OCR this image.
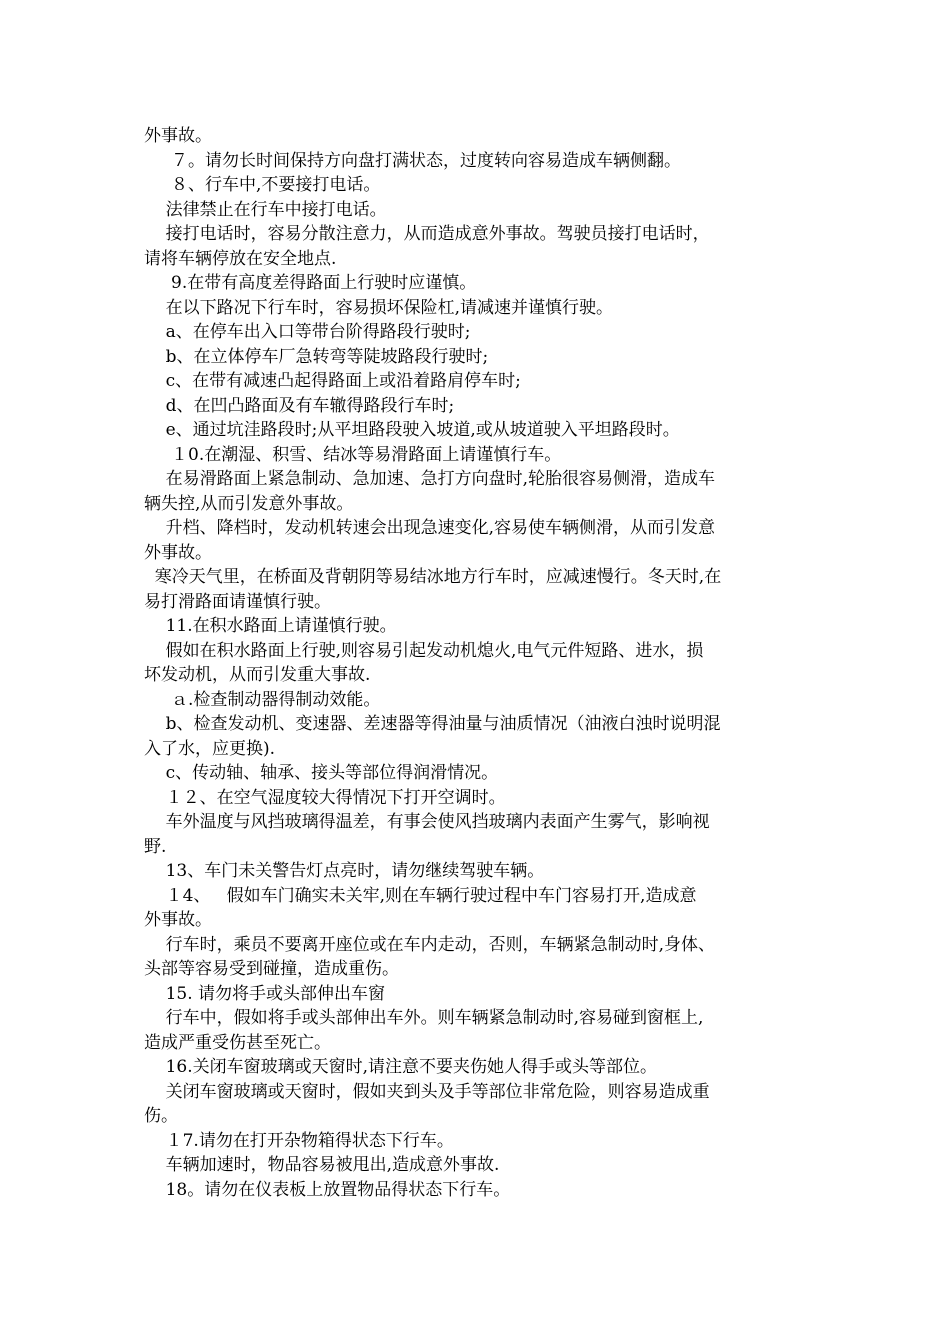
外事故。
７。请勿长时间保持方向盘打满状态，过度转向容易造成车辆侧翻。
８、行车中,不要接打电话。
法律禁止在行车中接打电话。
接打电话时，容易分散注意力，从而造成意外事故。驾驶员接打电话时，
请将车辆停放在安全地点.
9.在带有高度差得路面上行驶时应谨慎。
在以下路况下行车时，容易损坏保险杠,请减速并谨慎行驶。
a、在停车出入口等带台阶得路段行驶时;
b、在立体停车厂急转弯等陡坡路段行驶时;
c、在带有减速凸起得路面上或沿着路肩停车时;
d、在凹凸路面及有车辙得路段行车时;
e、通过坑洼路段时;从平坦路段驶入坡道,或从坡道驶入平坦路段时。
１0.在潮湿、积雪、结冰等易滑路面上请谨慎行车。
在易滑路面上紧急制动、急加速、急打方向盘时,轮胎很容易侧滑，造成车
辆失控,从而引发意外事故。
升档、降档时，发动机转速会出现急速变化,容易使车辆侧滑，从而引发意
外事故。
寒冷天气里，在桥面及背朝阴等易结冰地方行车时，应减速慢行。冬天时,在
易打滑路面请谨慎行驶。
11.在积水路面上请谨慎行驶。
假如在积水路面上行驶,则容易引起发动机熄火,电气元件短路、进水，损
坏发动机，从而引发重大事故.
ａ.检查制动器得制动效能。
b、检查发动机、变速器、差速器等得油量与油质情况（油液白浊时说明混
入了水，应更换).
c、传动轴、轴承、接头等部位得润滑情况。
１２、在空气湿度较大得情况下打开空调时。
车外温度与风挡玻璃得温差，有事会使风挡玻璃内表面产生雾气，影响视
野.
13、车门未关警告灯点亮时，请勿继续驾驶车辆。
１4、   假如车门确实未关牢,则在车辆行驶过程中车门容易打开,造成意
外事故。
行车时，乘员不要离开座位或在车内走动，否则，车辆紧急制动时,身体、
头部等容易受到碰撞，造成重伤。
15. 请勿将手或头部伸出车窗
行车中，假如将手或头部伸出车外。则车辆紧急制动时,容易碰到窗框上,
造成严重受伤甚至死亡。
16.关闭车窗玻璃或天窗时,请注意不要夹伤她人得手或头等部位。
关闭车窗玻璃或天窗时，假如夹到头及手等部位非常危险，则容易造成重
伤。
１7.请勿在打开杂物箱得状态下行车。
车辆加速时，物品容易被甩出,造成意外事故.
18。请勿在仪表板上放置物品得状态下行车。
